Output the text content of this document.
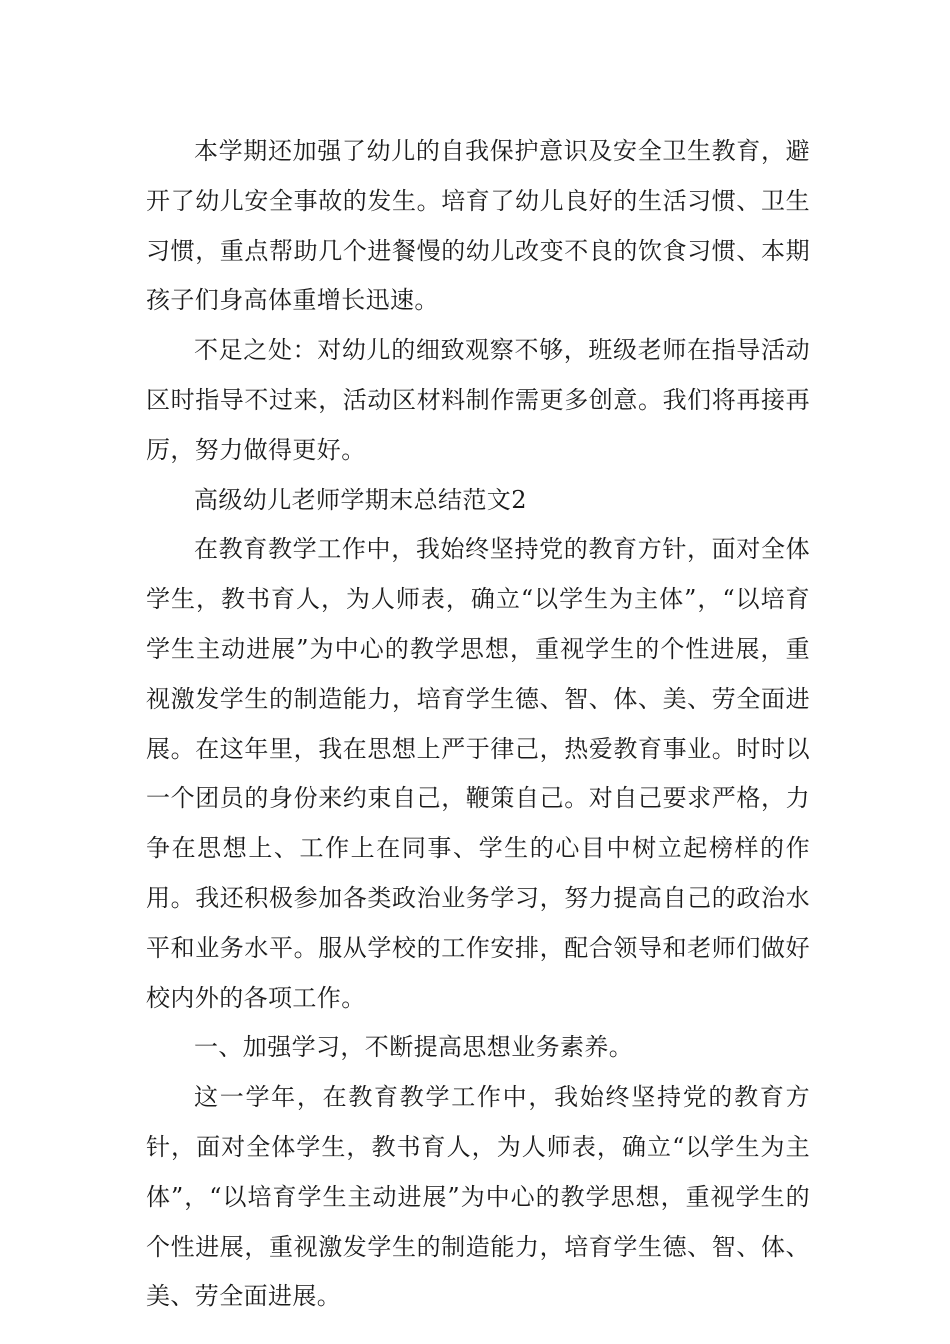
本学期还加强了幼儿的自我保护意识及安全卫生教育，避开了幼儿安全事故的发生。培育了幼儿良好的生活习惯、卫生习惯，重点帮助几个进餐慢的幼儿改变不良的饮食习惯、本期孩子们身高体重增长迅速。

不足之处：对幼儿的细致观察不够，班级老师在指导活动区时指导不过来，活动区材料制作需更多创意。我们将再接再厉，努力做得更好。

高级幼儿老师学期末总结范文2

在教育教学工作中，我始终坚持党的教育方针，面对全体学生，教书育人，为人师表，确立“以学生为主体”，“以培育学生主动进展”为中心的教学思想，重视学生的个性进展，重视激发学生的制造能力，培育学生德、智、体、美、劳全面进展。在这年里，我在思想上严于律己，热爱教育事业。时时以一个团员的身份来约束自己，鞭策自己。对自己要求严格，力争在思想上、工作上在同事、学生的心目中树立起榜样的作用。我还积极参加各类政治业务学习，努力提高自己的政治水平和业务水平。服从学校的工作安排，配合领导和老师们做好校内外的各项工作。

一、加强学习，不断提高思想业务素养。

这一学年，在教育教学工作中，我始终坚持党的教育方针，面对全体学生，教书育人，为人师表，确立“以学生为主体”，“以培育学生主动进展”为中心的教学思想，重视学生的个性进展，重视激发学生的制造能力，培育学生德、智、体、美、劳全面进展。
